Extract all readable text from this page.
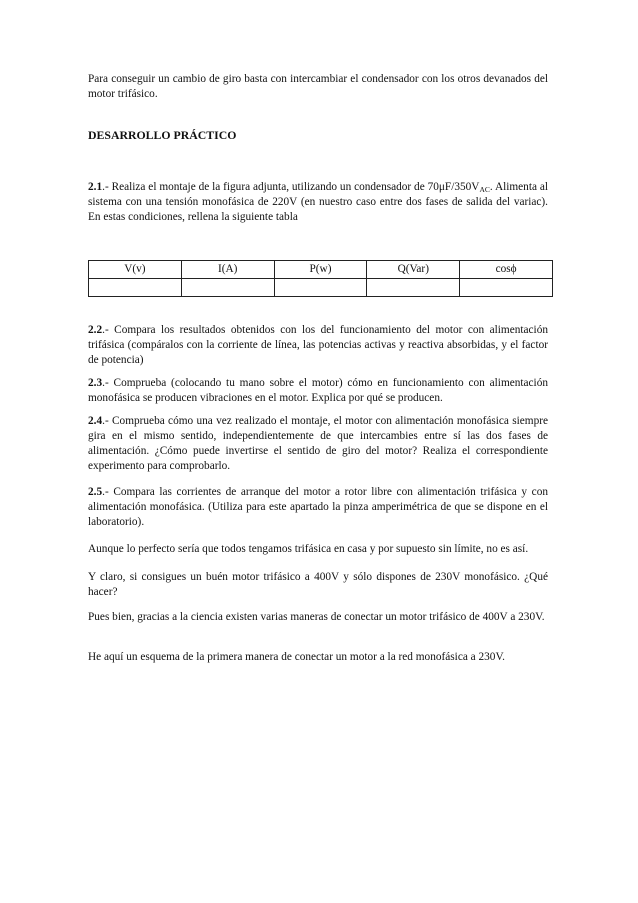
Para conseguir un cambio de giro basta con intercambiar el condensador con los otros devanados del motor trifásico.

DESARROLLO PRÁCTICO

2.1.- Realiza el montaje de la figura adjunta, utilizando un condensador de $70\mu F/350V_{AC}$. Alimenta al sistema con una tensión monofásica de 220V (en nuestro caso entre dos fases de salida del variac). En estas condiciones, rellena la siguiente tabla

V(v)	I(A)	P(w)	Q(Var)	cosϕ

2.2.- Compara los resultados obtenidos con los del funcionamiento del motor con alimentación trifásica (compáralos con la corriente de línea, las potencias activas y reactiva absorbidas, y el factor de potencia)

2.3.- Comprueba (colocando tu mano sobre el motor) cómo en funcionamiento con alimentación monofásica se producen vibraciones en el motor. Explica por qué se producen.

2.4.- Comprueba cómo una vez realizado el montaje, el motor con alimentación monofásica siempre gira en el mismo sentido, independientemente de que intercambies entre sí las dos fases de alimentación. ¿Cómo puede invertirse el sentido de giro del motor? Realiza el correspondiente experimento para comprobarlo.

2.5.- Compara las corrientes de arranque del motor a rotor libre con alimentación trifásica y con alimentación monofásica. (Utiliza para este apartado la pinza amperimétrica de que se dispone en el laboratorio).

Aunque lo perfecto sería que todos tengamos trifásica en casa y por supuesto sin límite, no es así.
Y claro, si consigues un buén motor trifásico a 400V y sólo dispones de 230V monofásico. ¿Qué hacer?
Pues bien, gracias a la ciencia existen varias maneras de conectar un motor trifásico de 400V a 230V.
He aquí un esquema de la primera manera de conectar un motor a la red monofásica a 230V.
